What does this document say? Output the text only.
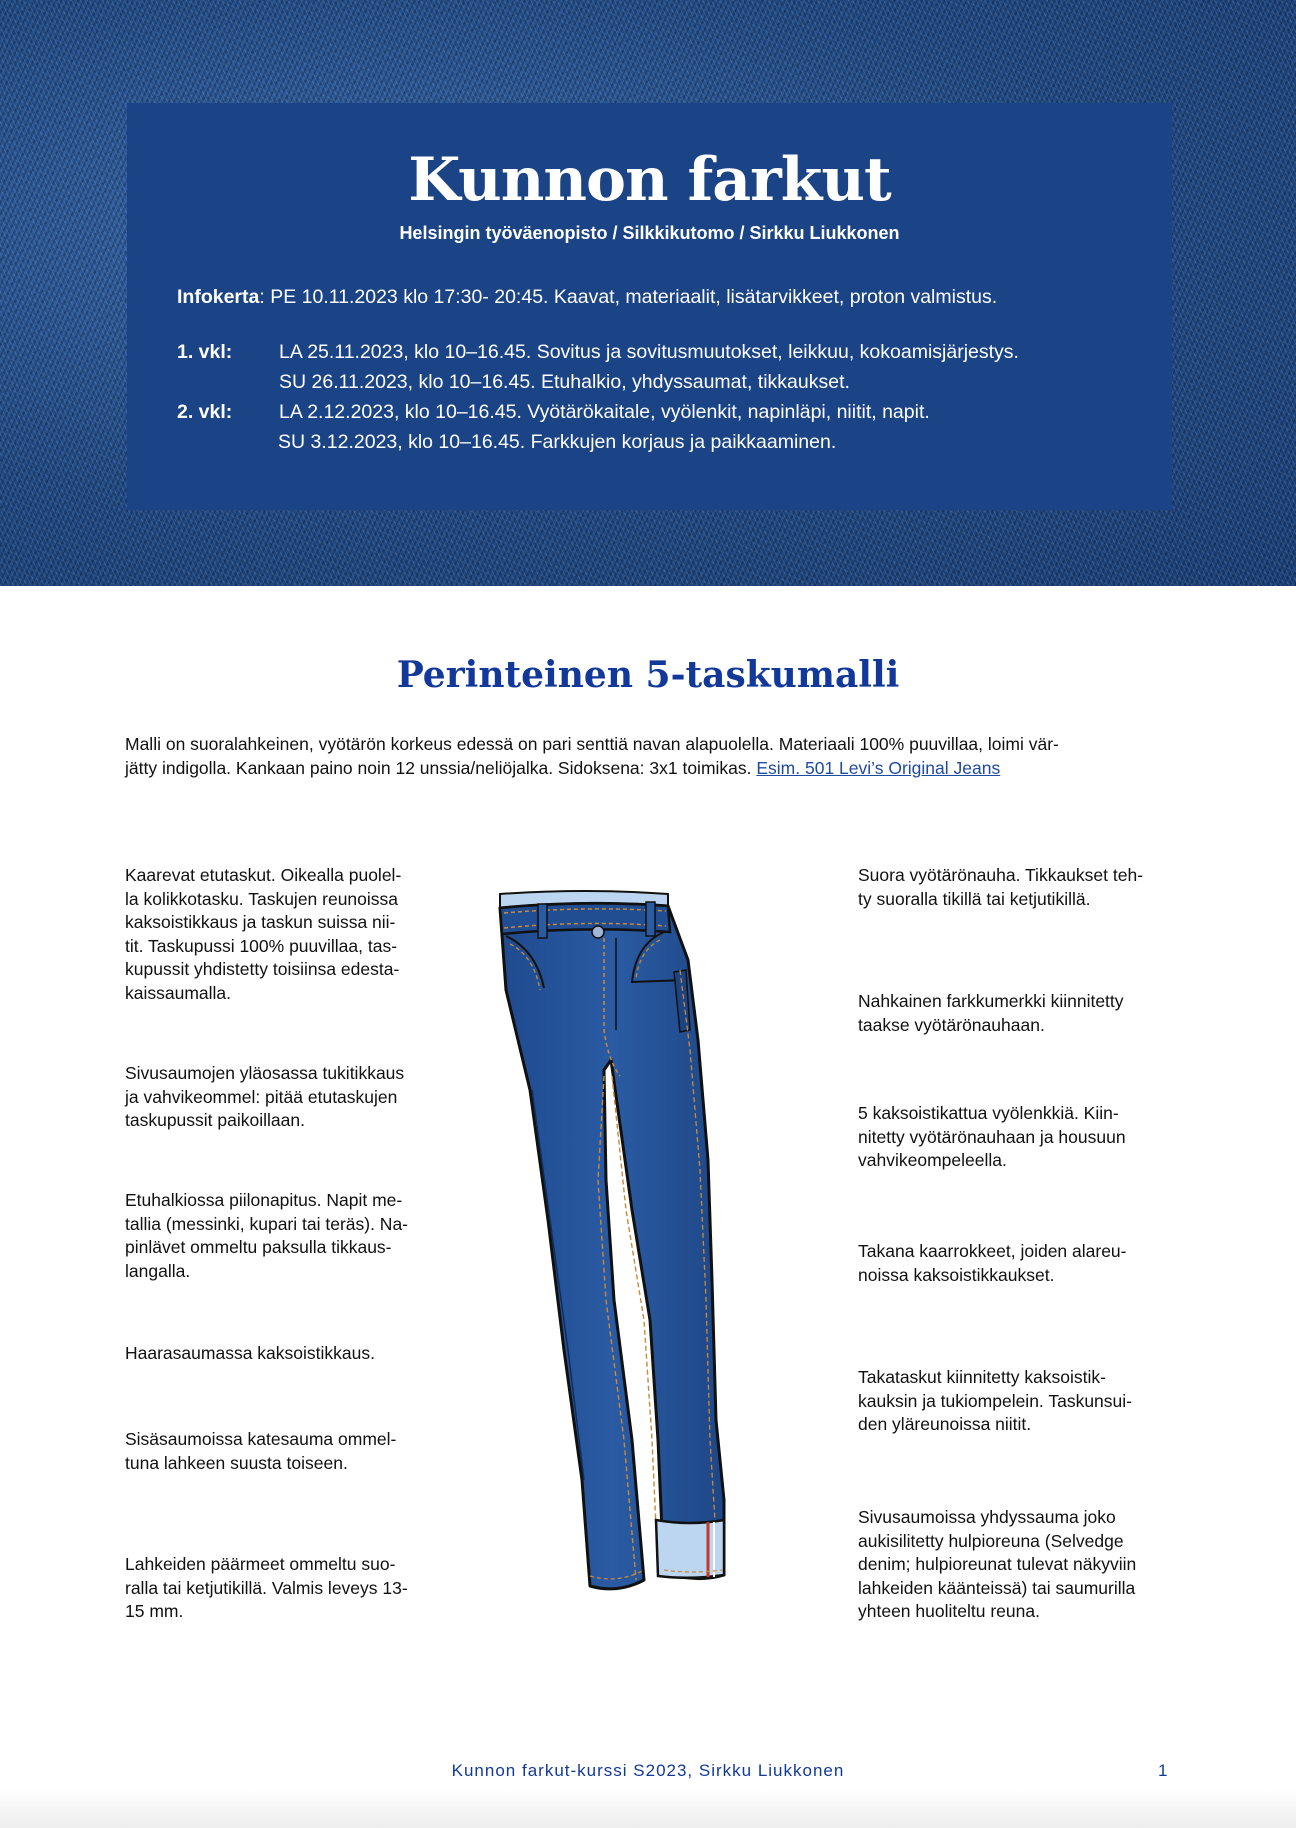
Kunnon farkut

Helsingin työväenopisto / Silkkikutomo / Sirkku Liukkonen

Infokerta: PE 10.11.2023 klo 17:30- 20:45. Kaavat, materiaalit, lisätarvikkeet, proton valmistus.
1. vkl: LA 25.11.2023, klo 10–16.45. Sovitus ja sovitusmuutokset, leikkuu, kokoamisjärjestys.
SU 26.11.2023, klo 10–16.45. Etuhalkio, yhdyssaumat, tikkaukset.
2. vkl: LA 2.12.2023, klo 10–16.45. Vyötärökaitale, vyölenkit, napinläpi, niitit, napit.
SU 3.12.2023, klo 10–16.45. Farkkujen korjaus ja paikkaaminen.
Perinteinen 5-taskumalli

Malli on suoralahkeinen, vyötärön korkeus edessä on pari senttiä navan alapuolella. Materiaali 100% puuvillaa, loimi vär-
jätty indigolla. Kankaan paino noin 12 unssia/neliöjalka. Sidoksena: 3x1 toimikas. Esim. 501 Levi’s Original Jeans

Kaarevat etutaskut. Oikealla puolel-
la kolikkotasku. Taskujen reunoissa
kaksoistikkaus ja taskun suissa nii-
tit. Taskupussi 100% puuvillaa, tas-
kupussit yhdistetty toisiinsa edesta-
kaissaumalla.

Sivusaumojen yläosassa tukitikkaus
ja vahvikeommel: pitää etutaskujen
taskupussit paikoillaan.

Etuhalkiossa piilonapitus. Napit me-
tallia (messinki, kupari tai teräs). Na-
pinlävet ommeltu paksulla tikkaus-
langalla.

Haarasaumassa kaksoistikkaus.

Sisäsaumoissa katesauma ommel-
tuna lahkeen suusta toiseen.

Lahkeiden päärmeet ommeltu suo-
ralla tai ketjutikillä. Valmis leveys 13-
15 mm.

Suora vyötärönauha. Tikkaukset teh-
ty suoralla tikillä tai ketjutikillä.

Nahkainen farkkumerkki kiinnitetty
taakse vyötärönauhaan.

5 kaksoistikattua vyölenkkiä. Kiin-
nitetty vyötärönauhaan ja housuun
vahvikeompeleella.

Takana kaarrokkeet, joiden alareu-
noissa kaksoistikkaukset.

Takataskut kiinnitetty kaksoistik-
kauksin ja tukiompelein. Taskunsui-
den yläreunoissa niitit.

Sivusaumoissa yhdyssauma joko
aukisilitetty hulpioreuna (Selvedge
denim; hulpioreunat tulevat näkyviin
lahkeiden käänteissä) tai saumurilla
yhteen huoliteltu reuna.

Kunnon farkut-kurssi S2023, Sirkku Liukkonen	1
